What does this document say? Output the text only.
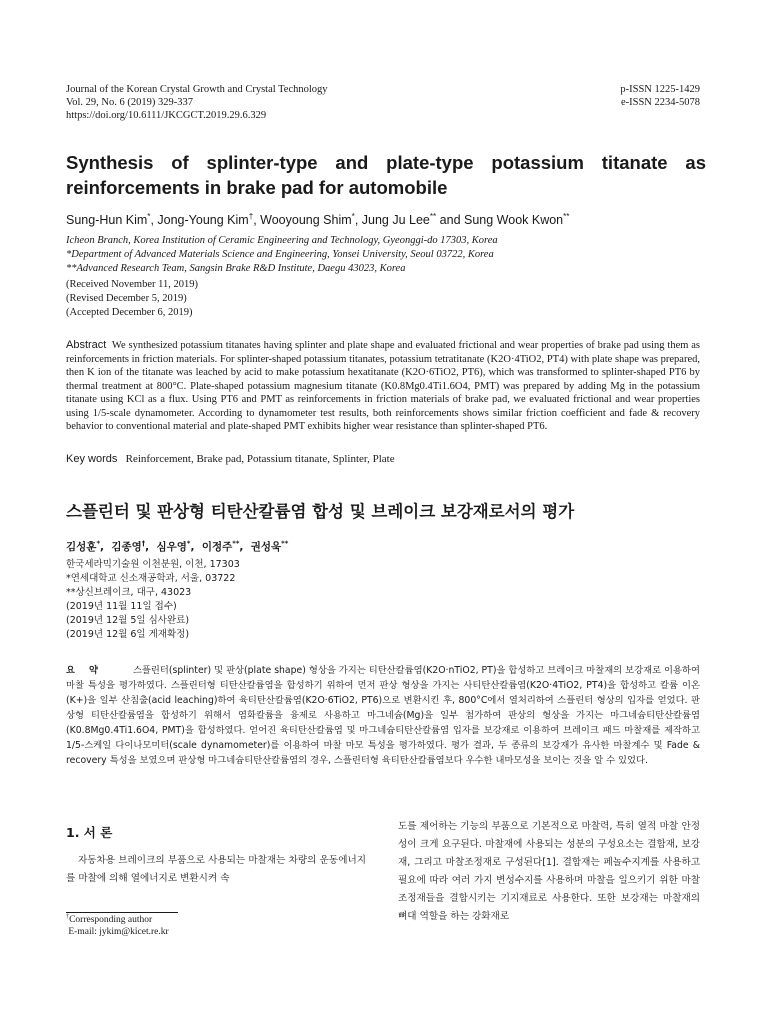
Journal of the Korean Crystal Growth and Crystal Technology
Vol. 29, No. 6 (2019) 329-337
https://doi.org/10.6111/JKCGCT.2019.29.6.329
p-ISSN 1225-1429
e-ISSN 2234-5078
Synthesis of splinter-type and plate-type potassium titanate as reinforcements in brake pad for automobile
Sung-Hun Kim*, Jong-Young Kim†, Wooyoung Shim*, Jung Ju Lee** and Sung Wook Kwon**
Icheon Branch, Korea Institution of Ceramic Engineering and Technology, Gyeonggi-do 17303, Korea
*Department of Advanced Materials Science and Engineering, Yonsei University, Seoul 03722, Korea
**Advanced Research Team, Sangsin Brake R&D Institute, Daegu 43023, Korea
(Received November 11, 2019)
(Revised December 5, 2019)
(Accepted December 6, 2019)
Abstract We synthesized potassium titanates having splinter and plate shape and evaluated frictional and wear properties of brake pad using them as reinforcements in friction materials. For splinter-shaped potassium titanates, potassium tetratitanate (K2O·4TiO2, PT4) with plate shape was prepared, then K ion of the titanate was leached by acid to make potassium hexatitanate (K2O·6TiO2, PT6), which was transformed to splinter-shaped PT6 by thermal treatment at 800°C. Plate-shaped potassium magnesium titanate (K0.8Mg0.4Ti1.6O4, PMT) was prepared by adding Mg in the potassium titanate using KCl as a flux. Using PT6 and PMT as reinforcements in friction materials of brake pad, we evaluated frictional and wear properties using 1/5-scale dynamometer. According to dynamometer test results, both reinforcements shows similar friction coefficient and fade & recovery behavior to conventional material and plate-shaped PMT exhibits higher wear resistance than splinter-shaped PT6.
Key words Reinforcement, Brake pad, Potassium titanate, Splinter, Plate
스플린터 및 판상형 티탄산칼륨염 합성 및 브레이크 보강재로서의 평가
김성훈*,  김종영†,  심우영*,  이정주**,  권성욱**
한국세라믹기술원 이천분원, 이천, 17303
*연세대학교 신소재공학과, 서울, 03722
**상신브레이크, 대구, 43023
(2019년 11월 11일 접수)
(2019년 12월 5일 심사완료)
(2019년 12월 6일 게재확정)
요약 스플린터(splinter) 및 판상(plate shape) 형상을 가지는 티탄산칼륨염(K2O·nTiO2, PT)을 합성하고 브레이크 마찰재의 보강재로 이용하여 마찰 특성을 평가하였다. 스플린터형 티탄산칼륨염을 합성하기 위하여 먼저 판상 형상을 가지는 사티탄산칼륨염(K2O·4TiO2, PT4)을 합성하고 칼륨 이온(K+)을 일부 산침출(acid leaching)하여 육티탄산칼륨염(K2O·6TiO2, PT6)으로 변환시킨 후, 800°C에서 열처리하여 스플린터 형상의 입자를 얻었다. 판상형 티탄산칼륨염을 합성하기 위해서 염화칼륨을 융제로 사용하고 마그네슘(Mg)을 일부 첨가하여 판상의 형상을 가지는 마그네슘티탄산칼륨염(K0.8Mg0.4Ti1.6O4, PMT)을 합성하였다. 얻어진 육티탄산칼륨염 및 마그네슘티탄산칼륨염 입자를 보강재로 이용하여 브레이크 패드 마찰재를 제작하고 1/5-스케일 다이나모미터(scale dynamometer)를 이용하여 마찰 마모 특성을 평가하였다. 평가 결과, 두 종류의 보강재가 유사한 마찰계수 및 Fade & recovery 특성을 보였으며 판상형 마그네슘티탄산칼륨염의 경우, 스플린터형 육티탄산칼륨염보다 우수한 내마모성을 보이는 것을 알 수 있었다.
1. 서 론
자동차용 브레이크의 부품으로 사용되는 마찰재는 차량의 운동에너지를 마찰에 의해 열에너지로 변환시켜 속
도를 제어하는 기능의 부품으로 기본적으로 마찰력, 특히 열적 마찰 안정성이 크게 요구된다. 마찰재에 사용되는 성분의 구성요소는 결합재, 보강재, 그리고 마찰조정재로 구성된다[1]. 결합재는 페놀수지계를 사용하고 필요에 따라 여러 가지 변성수지를 사용하며 마찰을 일으키기 위한 마찰조정재들을 결합시키는 기지재료로 사용한다. 또한 보강재는 마찰재의 뼈대 역할을 하는 강화재로
†Corresponding author
E-mail: jykim@kicet.re.kr
